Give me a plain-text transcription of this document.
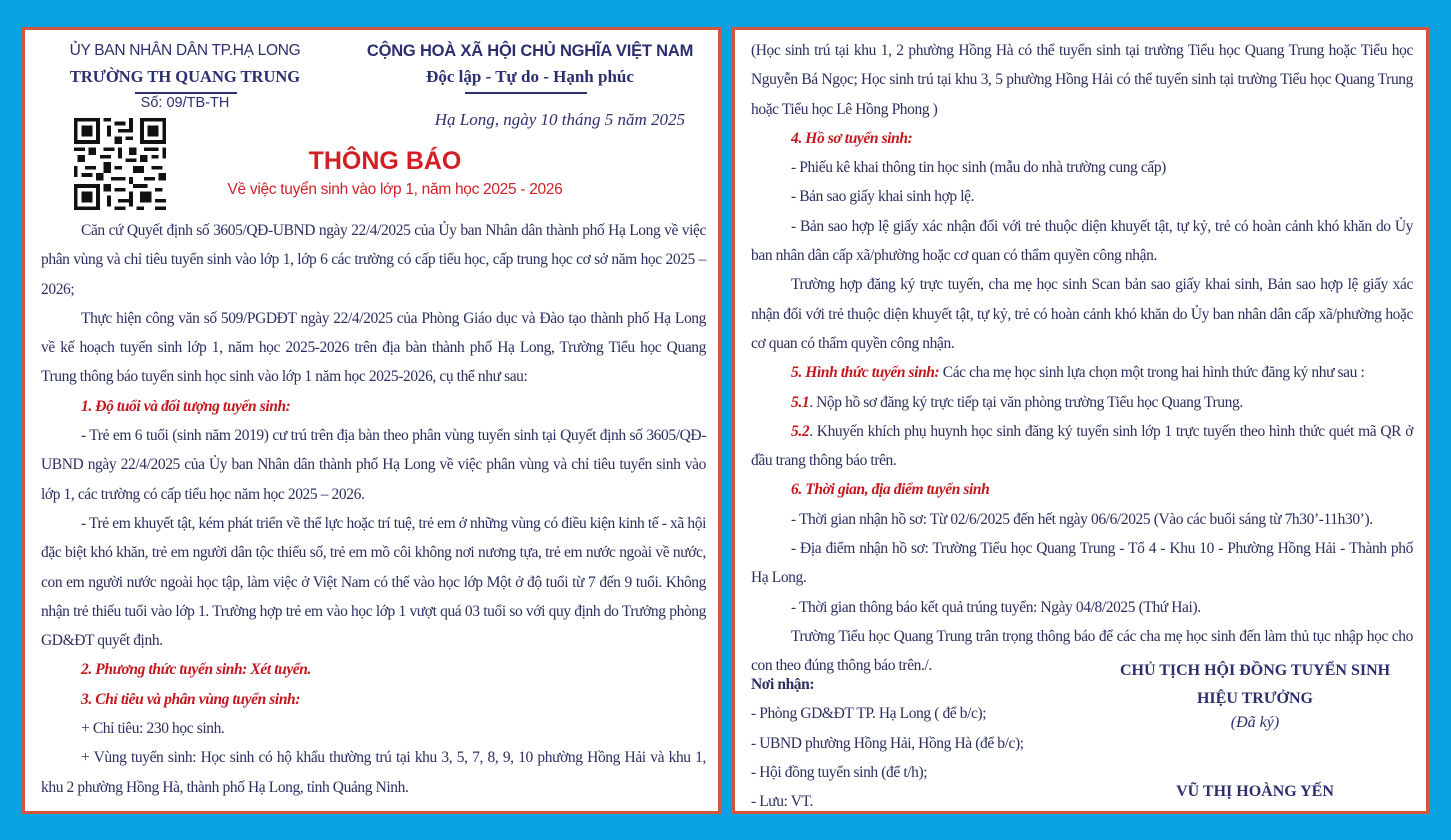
ỦY BAN NHÂN DÂN TP.HẠ LONG
TRƯỜNG TH QUANG TRUNG
Số: 09/TB-TH
CỘNG HOÀ XÃ HỘI CHỦ NGHĨA VIỆT NAM
Độc lập - Tự do - Hạnh phúc
Hạ Long, ngày 10 tháng 5 năm 2025
THÔNG BÁO
Về việc tuyển sinh vào lớp 1, năm học 2025 - 2026

Căn cứ Quyết định số 3605/QĐ-UBND ngày 22/4/2025 của Ủy ban Nhân dân thành phố Hạ Long về việc phân vùng và chỉ tiêu tuyển sinh vào lớp 1, lớp 6 các trường có cấp tiểu học, cấp trung học cơ sở năm học 2025 – 2026;

Thực hiện công văn số 509/PGDĐT ngày 22/4/2025 của Phòng Giáo dục và Đào tạo thành phố Hạ Long về kế hoạch tuyển sinh lớp 1, năm học 2025-2026 trên địa bàn thành phố Hạ Long, Trường Tiểu học Quang Trung thông báo tuyển sinh học sinh vào lớp 1 năm học 2025-2026, cụ thể như sau:

1. Độ tuổi và đối tượng tuyển sinh:

- Trẻ em 6 tuổi (sinh năm 2019) cư trú trên địa bàn theo phân vùng tuyển sinh tại Quyết định số 3605/QĐ-UBND ngày 22/4/2025 của Ủy ban Nhân dân thành phố Hạ Long về việc phân vùng và chỉ tiêu tuyển sinh vào lớp 1, các trường có cấp tiểu học năm học 2025 – 2026.

- Trẻ em khuyết tật, kém phát triển về thể lực hoặc trí tuệ, trẻ em ở những vùng có điều kiện kinh tế - xã hội đặc biệt khó khăn, trẻ em người dân tộc thiểu số, trẻ em mồ côi không nơi nương tựa, trẻ em nước ngoài về nước, con em người nước ngoài học tập, làm việc ở Việt Nam có thể vào học lớp Một ở độ tuổi từ 7 đến 9 tuổi. Không nhận trẻ thiếu tuổi vào lớp 1. Trường hợp trẻ em vào học lớp 1 vượt quá 03 tuổi so với quy định do Trưởng phòng GD&ĐT quyết định.

2. Phương thức tuyển sinh: Xét tuyển.

3. Chỉ tiêu và phân vùng tuyển sinh:

+ Chỉ tiêu: 230 học sinh.

+ Vùng tuyển sinh: Học sinh có hộ khẩu thường trú tại khu 3, 5, 7, 8, 9, 10 phường Hồng Hải và khu 1, khu 2 phường Hồng Hà, thành phố Hạ Long, tỉnh Quảng Ninh.

(Học sinh trú tại khu 1, 2 phường Hồng Hà có thể tuyển sinh tại trường Tiểu học Quang Trung hoặc Tiểu học Nguyễn Bá Ngọc; Học sinh trú tại khu 3, 5 phường Hồng Hải có thể tuyển sinh tại trường Tiểu học Quang Trung hoặc Tiểu học Lê Hồng Phong )

4. Hồ sơ tuyển sinh:

- Phiếu kê khai thông tin học sinh (mẫu do nhà trường cung cấp)

- Bản sao giấy khai sinh hợp lệ.

- Bản sao hợp lệ giấy xác nhận đối với trẻ thuộc diện khuyết tật, tự kỷ, trẻ có hoàn cảnh khó khăn do Ủy ban nhân dân cấp xã/phường hoặc cơ quan có thẩm quyền công nhận.

Trường hợp đăng ký trực tuyến, cha mẹ học sinh Scan bản sao giấy khai sinh, Bản sao hợp lệ giấy xác nhận đối với trẻ thuộc diện khuyết tật, tự kỷ, trẻ có hoàn cảnh khó khăn do Ủy ban nhân dân cấp xã/phường hoặc cơ quan có thẩm quyền công nhận.

5. Hình thức tuyển sinh: Các cha mẹ học sinh lựa chọn một trong hai hình thức đăng ký như sau :

5.1. Nộp hồ sơ đăng ký trực tiếp tại văn phòng trường Tiểu học Quang Trung.

5.2. Khuyến khích phụ huynh học sinh đăng ký tuyển sinh lớp 1 trực tuyến theo hình thức quét mã QR ở đầu trang thông báo trên.

6. Thời gian, địa điểm tuyển sinh

- Thời gian nhận hồ sơ: Từ 02/6/2025 đến hết ngày 06/6/2025 (Vào các buổi sáng từ 7h30’-11h30’).

- Địa điểm nhận hồ sơ: Trường Tiểu học Quang Trung - Tổ 4 - Khu 10 - Phường Hồng Hải - Thành phố Hạ Long.

- Thời gian thông báo kết quả trúng tuyển: Ngày 04/8/2025 (Thứ Hai).

Trường Tiểu học Quang Trung trân trọng thông báo để các cha mẹ học sinh đến làm thủ tục nhập học cho con theo đúng thông báo trên./.

Nơi nhận:
- Phòng GD&ĐT TP. Hạ Long ( để b/c);
- UBND phường Hồng Hải, Hồng Hà (để b/c);
- Hội đồng tuyển sinh (để t/h);
- Lưu: VT.
CHỦ TỊCH HỘI ĐỒNG TUYỂN SINH
HIỆU TRƯỞNG
(Đã ký)
VŨ THỊ HOÀNG YẾN
